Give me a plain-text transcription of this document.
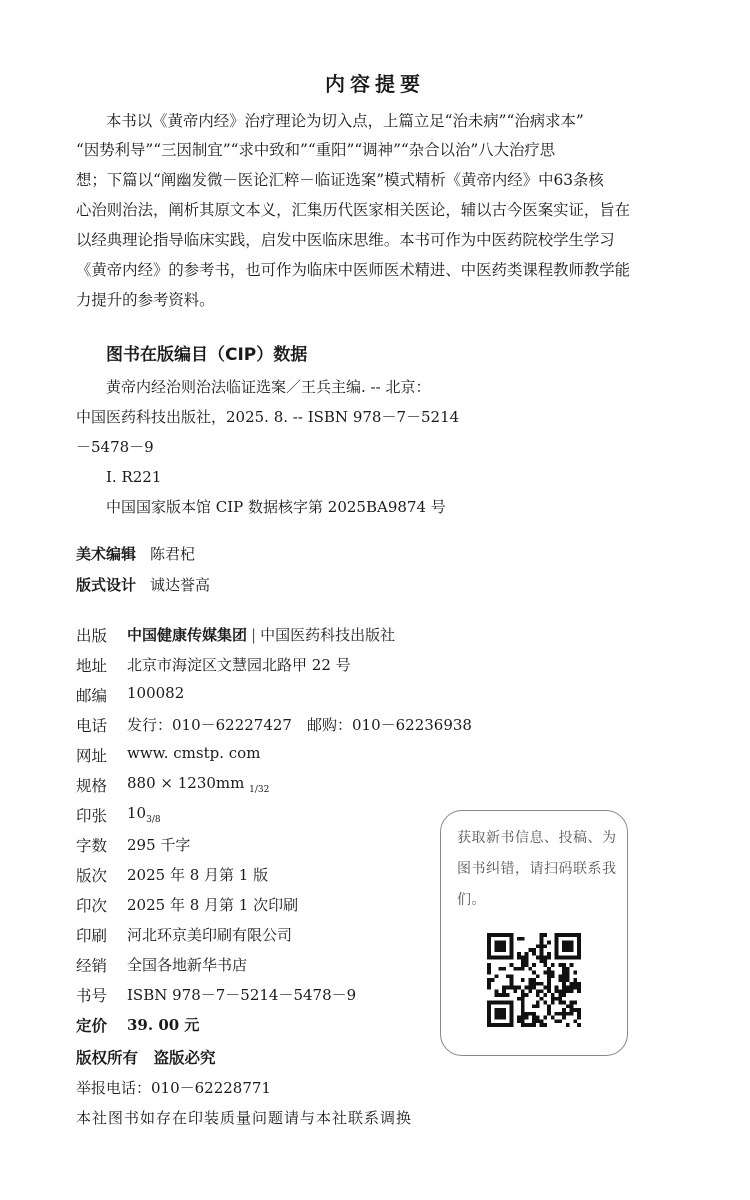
内容提要
本书以《黄帝内经》治疗理论为切入点，上篇立足“治未病”“治病求本”
“因势利导”“三因制宜”“求中致和”“重阳”“调神”“杂合以治”八大治疗思
想；下篇以“阐幽发微－医论汇粹－临证选案”模式精析《黄帝内经》中63条核
心治则治法，阐析其原文本义，汇集历代医家相关医论，辅以古今医案实证，旨在
以经典理论指导临床实践，启发中医临床思维。本书可作为中医药院校学生学习
《黄帝内经》的参考书，也可作为临床中医师医术精进、中医药类课程教师教学能
力提升的参考资料。
图书在版编目（CIP）数据
黄帝内经治则治法临证选案／王兵主编. -- 北京：
中国医药科技出版社，2025. 8. -- ISBN 978－7－5214
－5478－9
Ⅰ. R221
中国国家版本馆 CIP 数据核字第 2025BA9874 号
美术编辑 陈君杞
版式设计 诚达誉高
出版 中国健康传媒集团 | 中国医药科技出版社
地址 北京市海淀区文慧园北路甲 22 号
邮编 100082
电话 发行：010－62227427　邮购：010－62236938
网址 www. cmstp. com
规格 880 × 1230mm $_{1/32}$
印张 $10_{3/8}$
字数 295 千字
版次 2025 年 8 月第 1 版
印次 2025 年 8 月第 1 次印刷
印刷 河北环京美印刷有限公司
经销 全国各地新华书店
书号 ISBN 978－7－5214－5478－9
定价 39. 00 元
版权所有　盗版必究
举报电话：010－62228771
本社图书如存在印装质量问题请与本社联系调换
获取新书信息、投稿、为图书纠错，请扫码联系我们。
